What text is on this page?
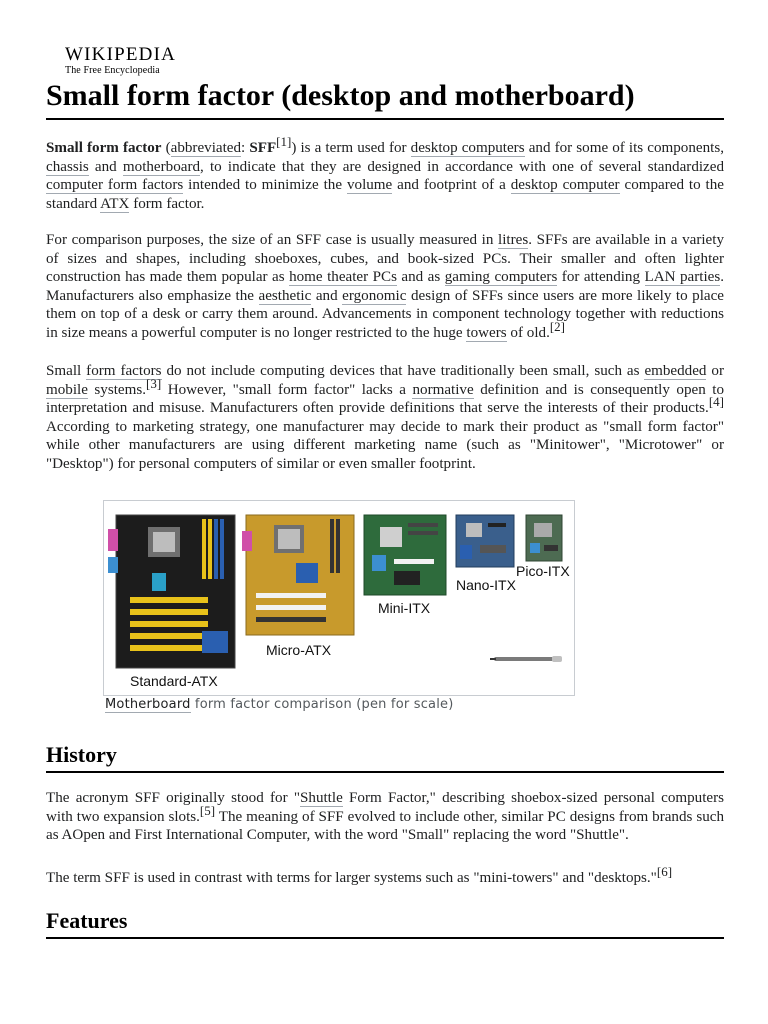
WIKIPEDIA
The Free Encyclopedia
Small form factor (desktop and motherboard)

Small form factor (abbreviated: SFF[1]) is a term used for desktop computers and for some of its components, chassis and motherboard, to indicate that they are designed in accordance with one of several standardized computer form factors intended to minimize the volume and footprint of a desktop computer compared to the standard ATX form factor.

For comparison purposes, the size of an SFF case is usually measured in litres. SFFs are available in a variety of sizes and shapes, including shoeboxes, cubes, and book-sized PCs. Their smaller and often lighter construction has made them popular as home theater PCs and as gaming computers for attending LAN parties. Manufacturers also emphasize the aesthetic and ergonomic design of SFFs since users are more likely to place them on top of a desk or carry them around. Advancements in component technology together with reductions in size means a powerful computer is no longer restricted to the huge towers of old.[2]

Small form factors do not include computing devices that have traditionally been small, such as embedded or mobile systems.[3] However, "small form factor" lacks a normative definition and is consequently open to interpretation and misuse. Manufacturers often provide definitions that serve the interests of their products.[4] According to marketing strategy, one manufacturer may decide to mark their product as "small form factor" while other manufacturers are using different marketing name (such as "Minitower", "Microtower" or "Desktop") for personal computers of similar or even smaller footprint.

History

The acronym SFF originally stood for "Shuttle Form Factor," describing shoebox-sized personal computers with two expansion slots.[5] The meaning of SFF evolved to include other, similar PC designs from brands such as AOpen and First International Computer, with the word "Small" replacing the word "Shuttle".

The term SFF is used in contrast with terms for larger systems such as "mini-towers" and "desktops."[6]

Features
Standard-ATX
Micro-ATX
Mini-ITX
Nano-ITX
Pico-ITX
Motherboard form factor comparison (pen for scale)
